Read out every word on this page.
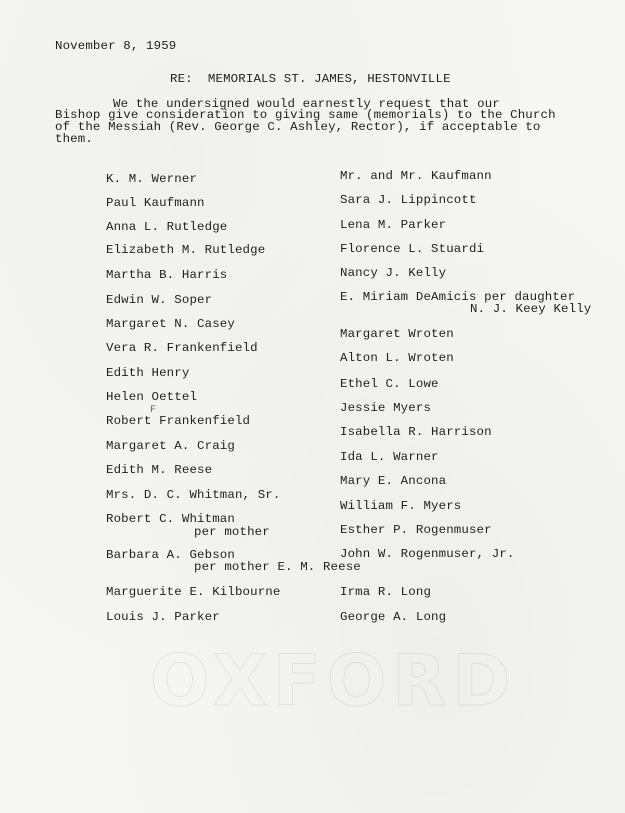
OXFORD
November 8, 1959
RE:  MEMORIALS ST. JAMES, HESTONVILLE
We the undersigned would earnestly request that our
Bishop give consideration to giving same (memorials) to the Church
of the Messiah (Rev. George C. Ashley, Rector), if acceptable to
them.
K. M. Werner
Paul Kaufmann
Anna L. Rutledge
Elizabeth M. Rutledge
Martha B. Harris
Edwin W. Soper
Margaret N. Casey
Vera R. Frankenfield
Edith Henry
Helen Oettel
F
Robert Frankenfield
Margaret A. Craig
Edith M. Reese
Mrs. D. C. Whitman, Sr.
Robert C. Whitman
per mother
Barbara A. Gebson
per mother E. M. Reese
Marguerite E. Kilbourne
Louis J. Parker
Mr. and Mr. Kaufmann
Sara J. Lippincott
Lena M. Parker
Florence L. Stuardi
Nancy J. Kelly
E. Miriam DeAmicis per daughter
N. J. Keey Kelly
Margaret Wroten
Alton L. Wroten
Ethel C. Lowe
Jessie Myers
Isabella R. Harrison
Ida L. Warner
Mary E. Ancona
William F. Myers
Esther P. Rogenmuser
John W. Rogenmuser, Jr.
Irma R. Long
George A. Long
